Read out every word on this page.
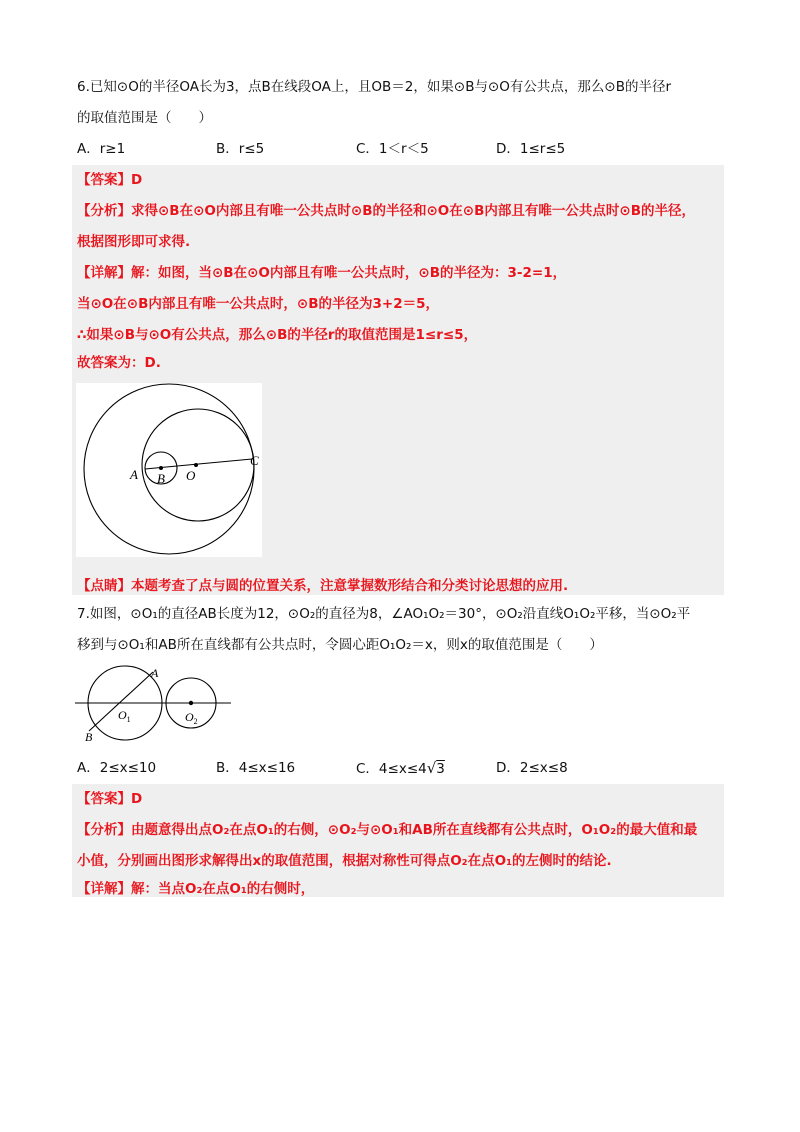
6.已知⊙O的半径OA长为3，点B在线段OA上，且OB＝2，如果⊙B与⊙O有公共点，那么⊙B的半径r
的取值范围是（　　）
A．r≥1	B．r≤5	C．1＜r＜5	D．1≤r≤5
【答案】D
【分析】求得⊙B在⊙O内部且有唯一公共点时⊙B的半径和⊙O在⊙B内部且有唯一公共点时⊙B的半径，
根据图形即可求得.
【详解】解：如图，当⊙B在⊙O内部且有唯一公共点时，⊙B的半径为：3-2=1，
当⊙O在⊙B内部且有唯一公共点时，⊙B的半径为3+2＝5，
∴如果⊙B与⊙O有公共点，那么⊙B的半径r的取值范围是1≤r≤5，
故答案为：D.
A B O
C
【点睛】本题考查了点与圆的位置关系，注意掌握数形结合和分类讨论思想的应用.
7.如图，⊙O₁的直径AB长度为12，⊙O₂的直径为8，∠AO₁O₂＝30°，⊙O₂沿直线O₁O₂平移，当⊙O₂平
移到与⊙O₁和AB所在直线都有公共点时，令圆心距O₁O₂＝x，则x的取值范围是（　　）
A
B
$O_1$	$O_2$
A．2≤x≤10	B．4≤x≤16	C．4≤x≤4√3	D．2≤x≤8
【答案】D
【分析】由题意得出点O₂在点O₁的右侧，⊙O₂与⊙O₁和AB所在直线都有公共点时，O₁O₂的最大值和最
小值，分别画出图形求解得出x的取值范围，根据对称性可得点O₂在点O₁的左侧时的结论.
【详解】解：当点O₂在点O₁的右侧时，
